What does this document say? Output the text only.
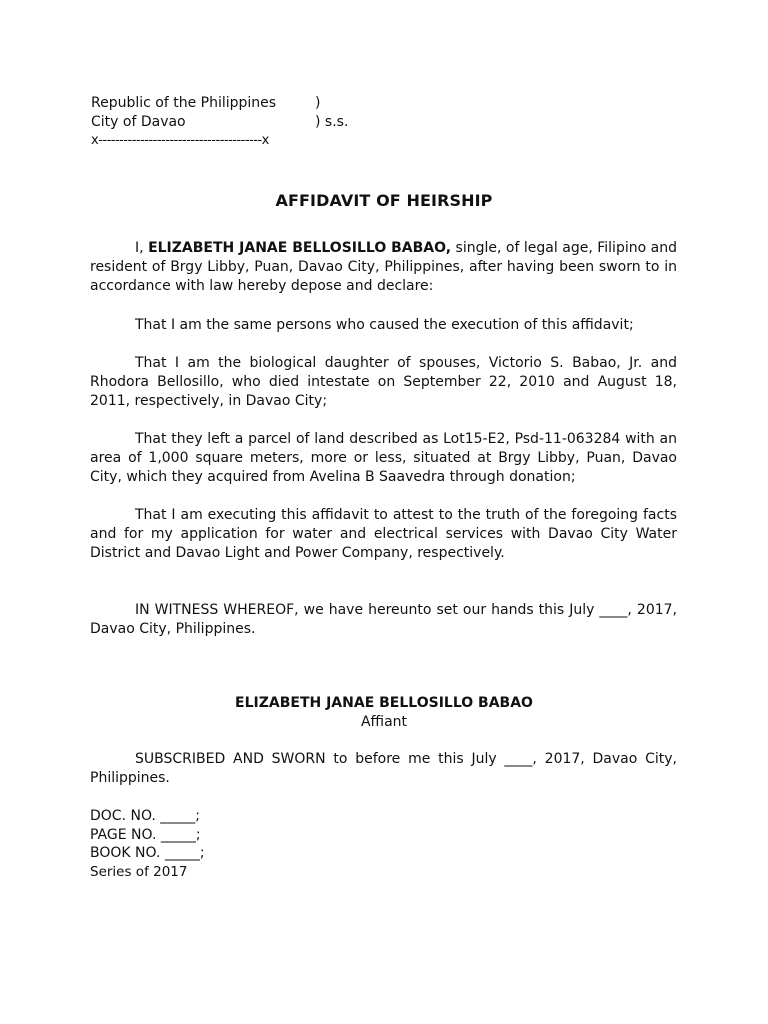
Republic of the Philippines	)
City of Davao	) s.s.
x---------------------------------------x
AFFIDAVIT OF HEIRSHIP

I, ELIZABETH JANAE BELLOSILLO BABAO, single, of legal age, Filipino and resident of Brgy Libby, Puan, Davao City, Philippines, after having been sworn to in accordance with law hereby depose and declare:

That I am the same persons who caused the execution of this affidavit;

That I am the biological daughter of spouses, Victorio S. Babao, Jr. and Rhodora Bellosillo, who died intestate on September 22, 2010 and August 18, 2011, respectively, in Davao City;

That they left a parcel of land described as Lot15-E2, Psd-11-063284 with an area of 1,000 square meters, more or less, situated at Brgy Libby, Puan, Davao City, which they acquired from Avelina B Saavedra through donation;

That I am executing this affidavit to attest to the truth of the foregoing facts and for my application for water and electrical services with Davao City Water District and Davao Light and Power Company, respectively.

IN WITNESS WHEREOF, we have hereunto set our hands this July ____, 2017, Davao City, Philippines.

ELIZABETH JANAE BELLOSILLO BABAO
Affiant

SUBSCRIBED AND SWORN to before me this July ____, 2017, Davao City, Philippines.

DOC. NO. _____;
PAGE NO. _____;
BOOK NO. _____;
Series of 2017
